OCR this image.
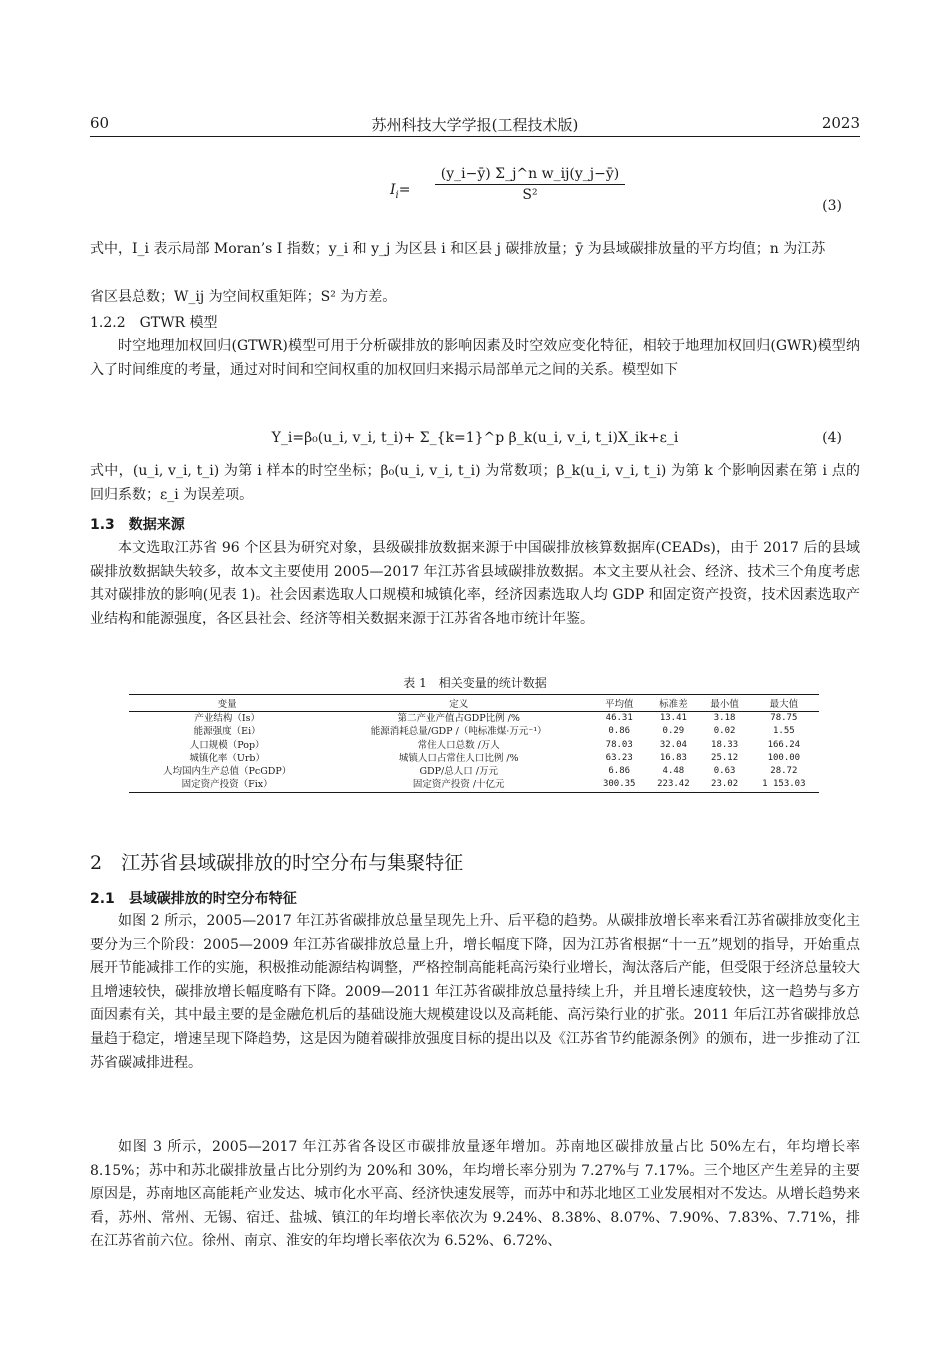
60	苏州科技大学学报(工程技术版)	2023
$I_i= \frac{\text{(y\_i−ȳ) Σ\_j\textasciicircum{}n w\_ij(y\_j−ȳ)}}{\text{S²}}$
(3)

式中，I_i 表示局部 Moran’s I 指数；y_i 和 y_j 为区县 i 和区县 j 碳排放量；ȳ 为县域碳排放量的平方均值；n 为江苏

省区县总数；W_ij 为空间权重矩阵；S² 为方差。

1.2.2　GTWR 模型

时空地理加权回归(GTWR)模型可用于分析碳排放的影响因素及时空效应变化特征，相较于地理加权回归(GWR)模型纳入了时间维度的考量，通过对时间和空间权重的加权回归来揭示局部单元之间的关系。模型如下

Y_i=β₀(u_i, v_i, t_i)+ Σ_{k=1}^p β_k(u_i, v_i, t_i)X_ik+ε_i	(4)

式中，(u_i, v_i, t_i) 为第 i 样本的时空坐标；β₀(u_i, v_i, t_i) 为常数项；β_k(u_i, v_i, t_i) 为第 k 个影响因素在第 i 点的回归系数；ε_i 为误差项。

1.3　数据来源

本文选取江苏省 96 个区县为研究对象，县级碳排放数据来源于中国碳排放核算数据库(CEADs)，由于 2017 后的县域碳排放数据缺失较多，故本文主要使用 2005—2017 年江苏省县域碳排放数据。本文主要从社会、经济、技术三个角度考虑其对碳排放的影响(见表 1)。社会因素选取人口规模和城镇化率，经济因素选取人均 GDP 和固定资产投资，技术因素选取产业结构和能源强度，各区县社会、经济等相关数据来源于江苏省各地市统计年鉴。

表 1　相关变量的统计数据
变量	定义	平均值	标准差	最小值	最大值
产业结构（Is）	第二产业产值占GDP比例 /%	46.31	13.41	3.18	78.75
能源强度（Ei）	能源消耗总量/GDP /（吨标准煤·万元⁻¹）	0.86	0.29	0.02	1.55
人口规模（Pop）	常住人口总数 /万人	78.03	32.04	18.33	166.24
城镇化率（Urb）	城镇人口占常住人口比例 /%	63.23	16.83	25.12	100.00
人均国内生产总值（PcGDP）	GDP/总人口 /万元	6.86	4.48	0.63	28.72
固定资产投资（Fix）	固定资产投资 /十亿元	300.35	223.42	23.02	1 153.03
2　江苏省县域碳排放的时空分布与集聚特征
2.1　县域碳排放的时空分布特征

如图 2 所示，2005—2017 年江苏省碳排放总量呈现先上升、后平稳的趋势。从碳排放增长率来看江苏省碳排放变化主要分为三个阶段：2005—2009 年江苏省碳排放总量上升，增长幅度下降，因为江苏省根据“十一五”规划的指导，开始重点展开节能减排工作的实施，积极推动能源结构调整，严格控制高能耗高污染行业增长，淘汰落后产能，但受限于经济总量较大且增速较快，碳排放增长幅度略有下降。2009—2011 年江苏省碳排放总量持续上升，并且增长速度较快，这一趋势与多方面因素有关，其中最主要的是金融危机后的基础设施大规模建设以及高耗能、高污染行业的扩张。2011 年后江苏省碳排放总量趋于稳定，增速呈现下降趋势，这是因为随着碳排放强度目标的提出以及《江苏省节约能源条例》的颁布，进一步推动了江苏省碳减排进程。

如图 3 所示，2005—2017 年江苏省各设区市碳排放量逐年增加。苏南地区碳排放量占比 50%左右，年均增长率 8.15%；苏中和苏北碳排放量占比分别约为 20%和 30%，年均增长率分别为 7.27%与 7.17%。三个地区产生差异的主要原因是，苏南地区高能耗产业发达、城市化水平高、经济快速发展等，而苏中和苏北地区工业发展相对不发达。从增长趋势来看，苏州、常州、无锡、宿迁、盐城、镇江的年均增长率依次为 9.24%、8.38%、8.07%、7.90%、7.83%、7.71%，排在江苏省前六位。徐州、南京、淮安的年均增长率依次为 6.52%、6.72%、
